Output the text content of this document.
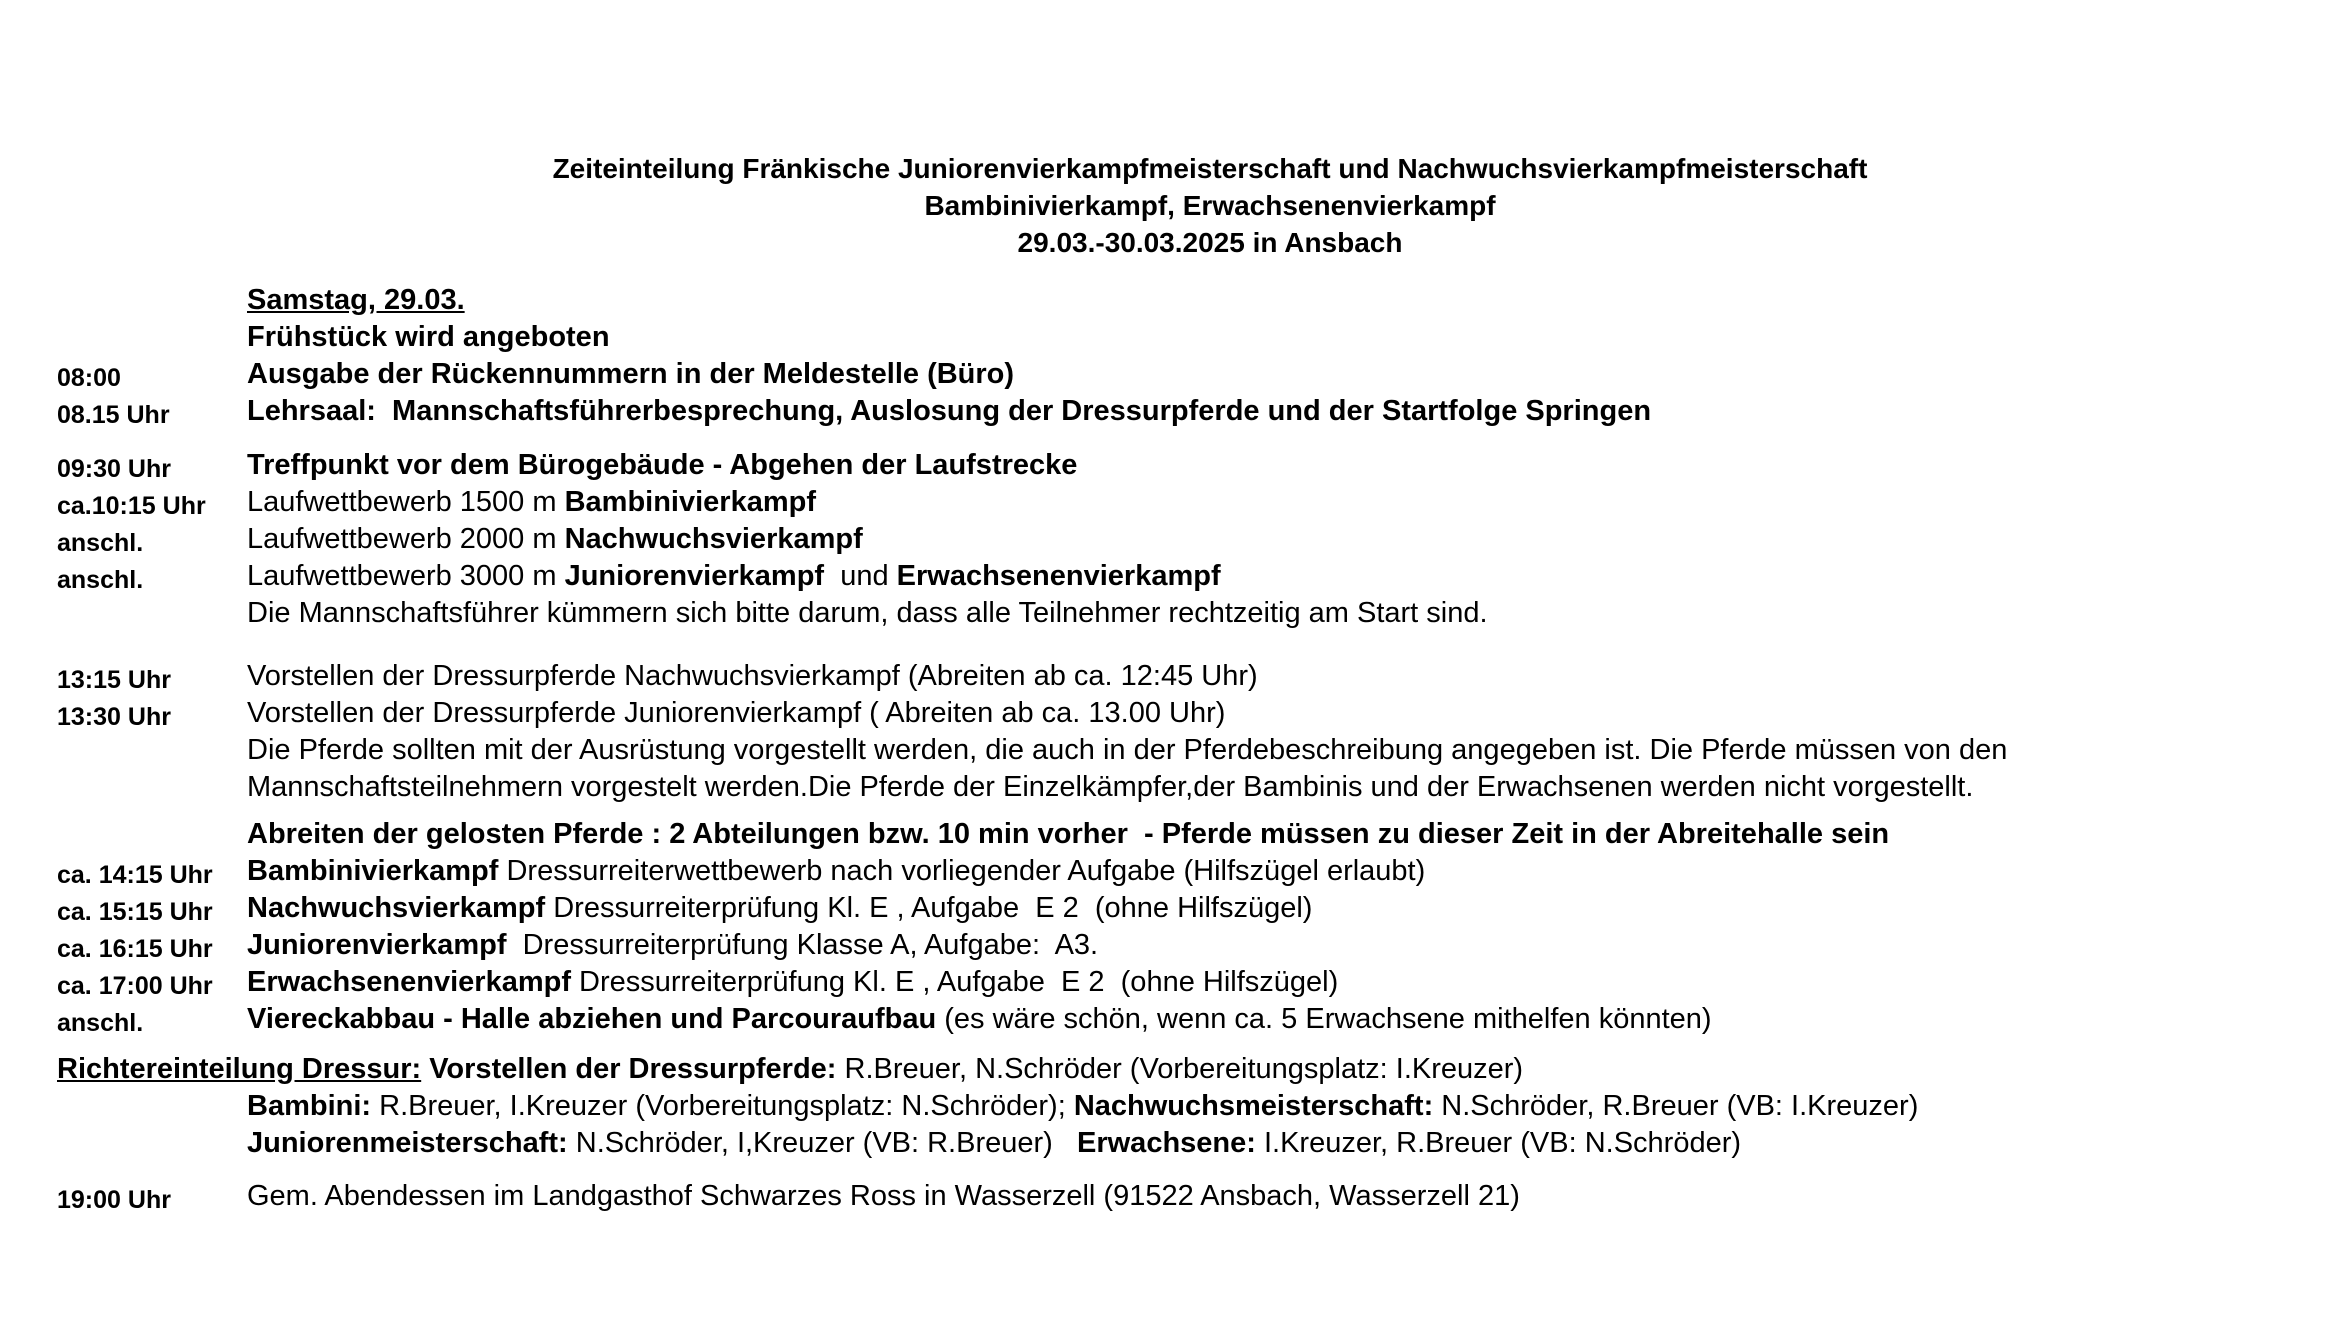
Zeiteinteilung Fränkische Juniorenvierkampfmeisterschaft und Nachwuchsvierkampfmeisterschaft
Bambinivierkampf, Erwachsenenvierkampf
29.03.-30.03.2025 in Ansbach
Samstag, 29.03.
Frühstück wird angeboten
08:00	Ausgabe der Rückennummern in der Meldestelle (Büro)
08.15 Uhr	Lehrsaal:  Mannschaftsführerbesprechung, Auslosung der Dressurpferde und der Startfolge Springen
09:30 Uhr	Treffpunkt vor dem Bürogebäude - Abgehen der Laufstrecke
ca.10:15 Uhr Laufwettbewerb 1500 m Bambinivierkampf
anschl.	Laufwettbewerb 2000 m Nachwuchsvierkampf
anschl.	Laufwettbewerb 3000 m Juniorenvierkampf  und Erwachsenenvierkampf
Die Mannschaftsführer kümmern sich bitte darum, dass alle Teilnehmer rechtzeitig am Start sind.
13:15 Uhr	Vorstellen der Dressurpferde Nachwuchsvierkampf (Abreiten ab ca. 12:45 Uhr)
13:30 Uhr	Vorstellen der Dressurpferde Juniorenvierkampf ( Abreiten ab ca. 13.00 Uhr)
Die Pferde sollten mit der Ausrüstung vorgestellt werden, die auch in der Pferdebeschreibung angegeben ist. Die Pferde müssen von den
Mannschaftsteilnehmern vorgestelt werden.Die Pferde der Einzelkämpfer,der Bambinis und der Erwachsenen werden nicht vorgestellt.
Abreiten der gelosten Pferde : 2 Abteilungen bzw. 10 min vorher  - Pferde müssen zu dieser Zeit in der Abreitehalle sein
ca. 14:15 Uhr Bambinivierkampf Dressurreiterwettbewerb nach vorliegender Aufgabe (Hilfszügel erlaubt)
ca. 15:15 Uhr Nachwuchsvierkampf Dressurreiterprüfung Kl. E , Aufgabe  E 2  (ohne Hilfszügel)
ca. 16:15 Uhr Juniorenvierkampf  Dressurreiterprüfung Klasse A, Aufgabe:  A3.
ca. 17:00 Uhr Erwachsenenvierkampf Dressurreiterprüfung Kl. E , Aufgabe  E 2  (ohne Hilfszügel)
anschl.	Viereckabbau - Halle abziehen und Parcouraufbau (es wäre schön, wenn ca. 5 Erwachsene mithelfen könnten)
Richtereinteilung Dressur: Vorstellen der Dressurpferde: R.Breuer, N.Schröder (Vorbereitungsplatz: I.Kreuzer)
Bambini: R.Breuer, I.Kreuzer (Vorbereitungsplatz: N.Schröder); Nachwuchsmeisterschaft: N.Schröder, R.Breuer (VB: I.Kreuzer)
Juniorenmeisterschaft: N.Schröder, I,Kreuzer (VB: R.Breuer)   Erwachsene: I.Kreuzer, R.Breuer (VB: N.Schröder)
19:00 Uhr	Gem. Abendessen im Landgasthof Schwarzes Ross in Wasserzell (91522 Ansbach, Wasserzell 21)
